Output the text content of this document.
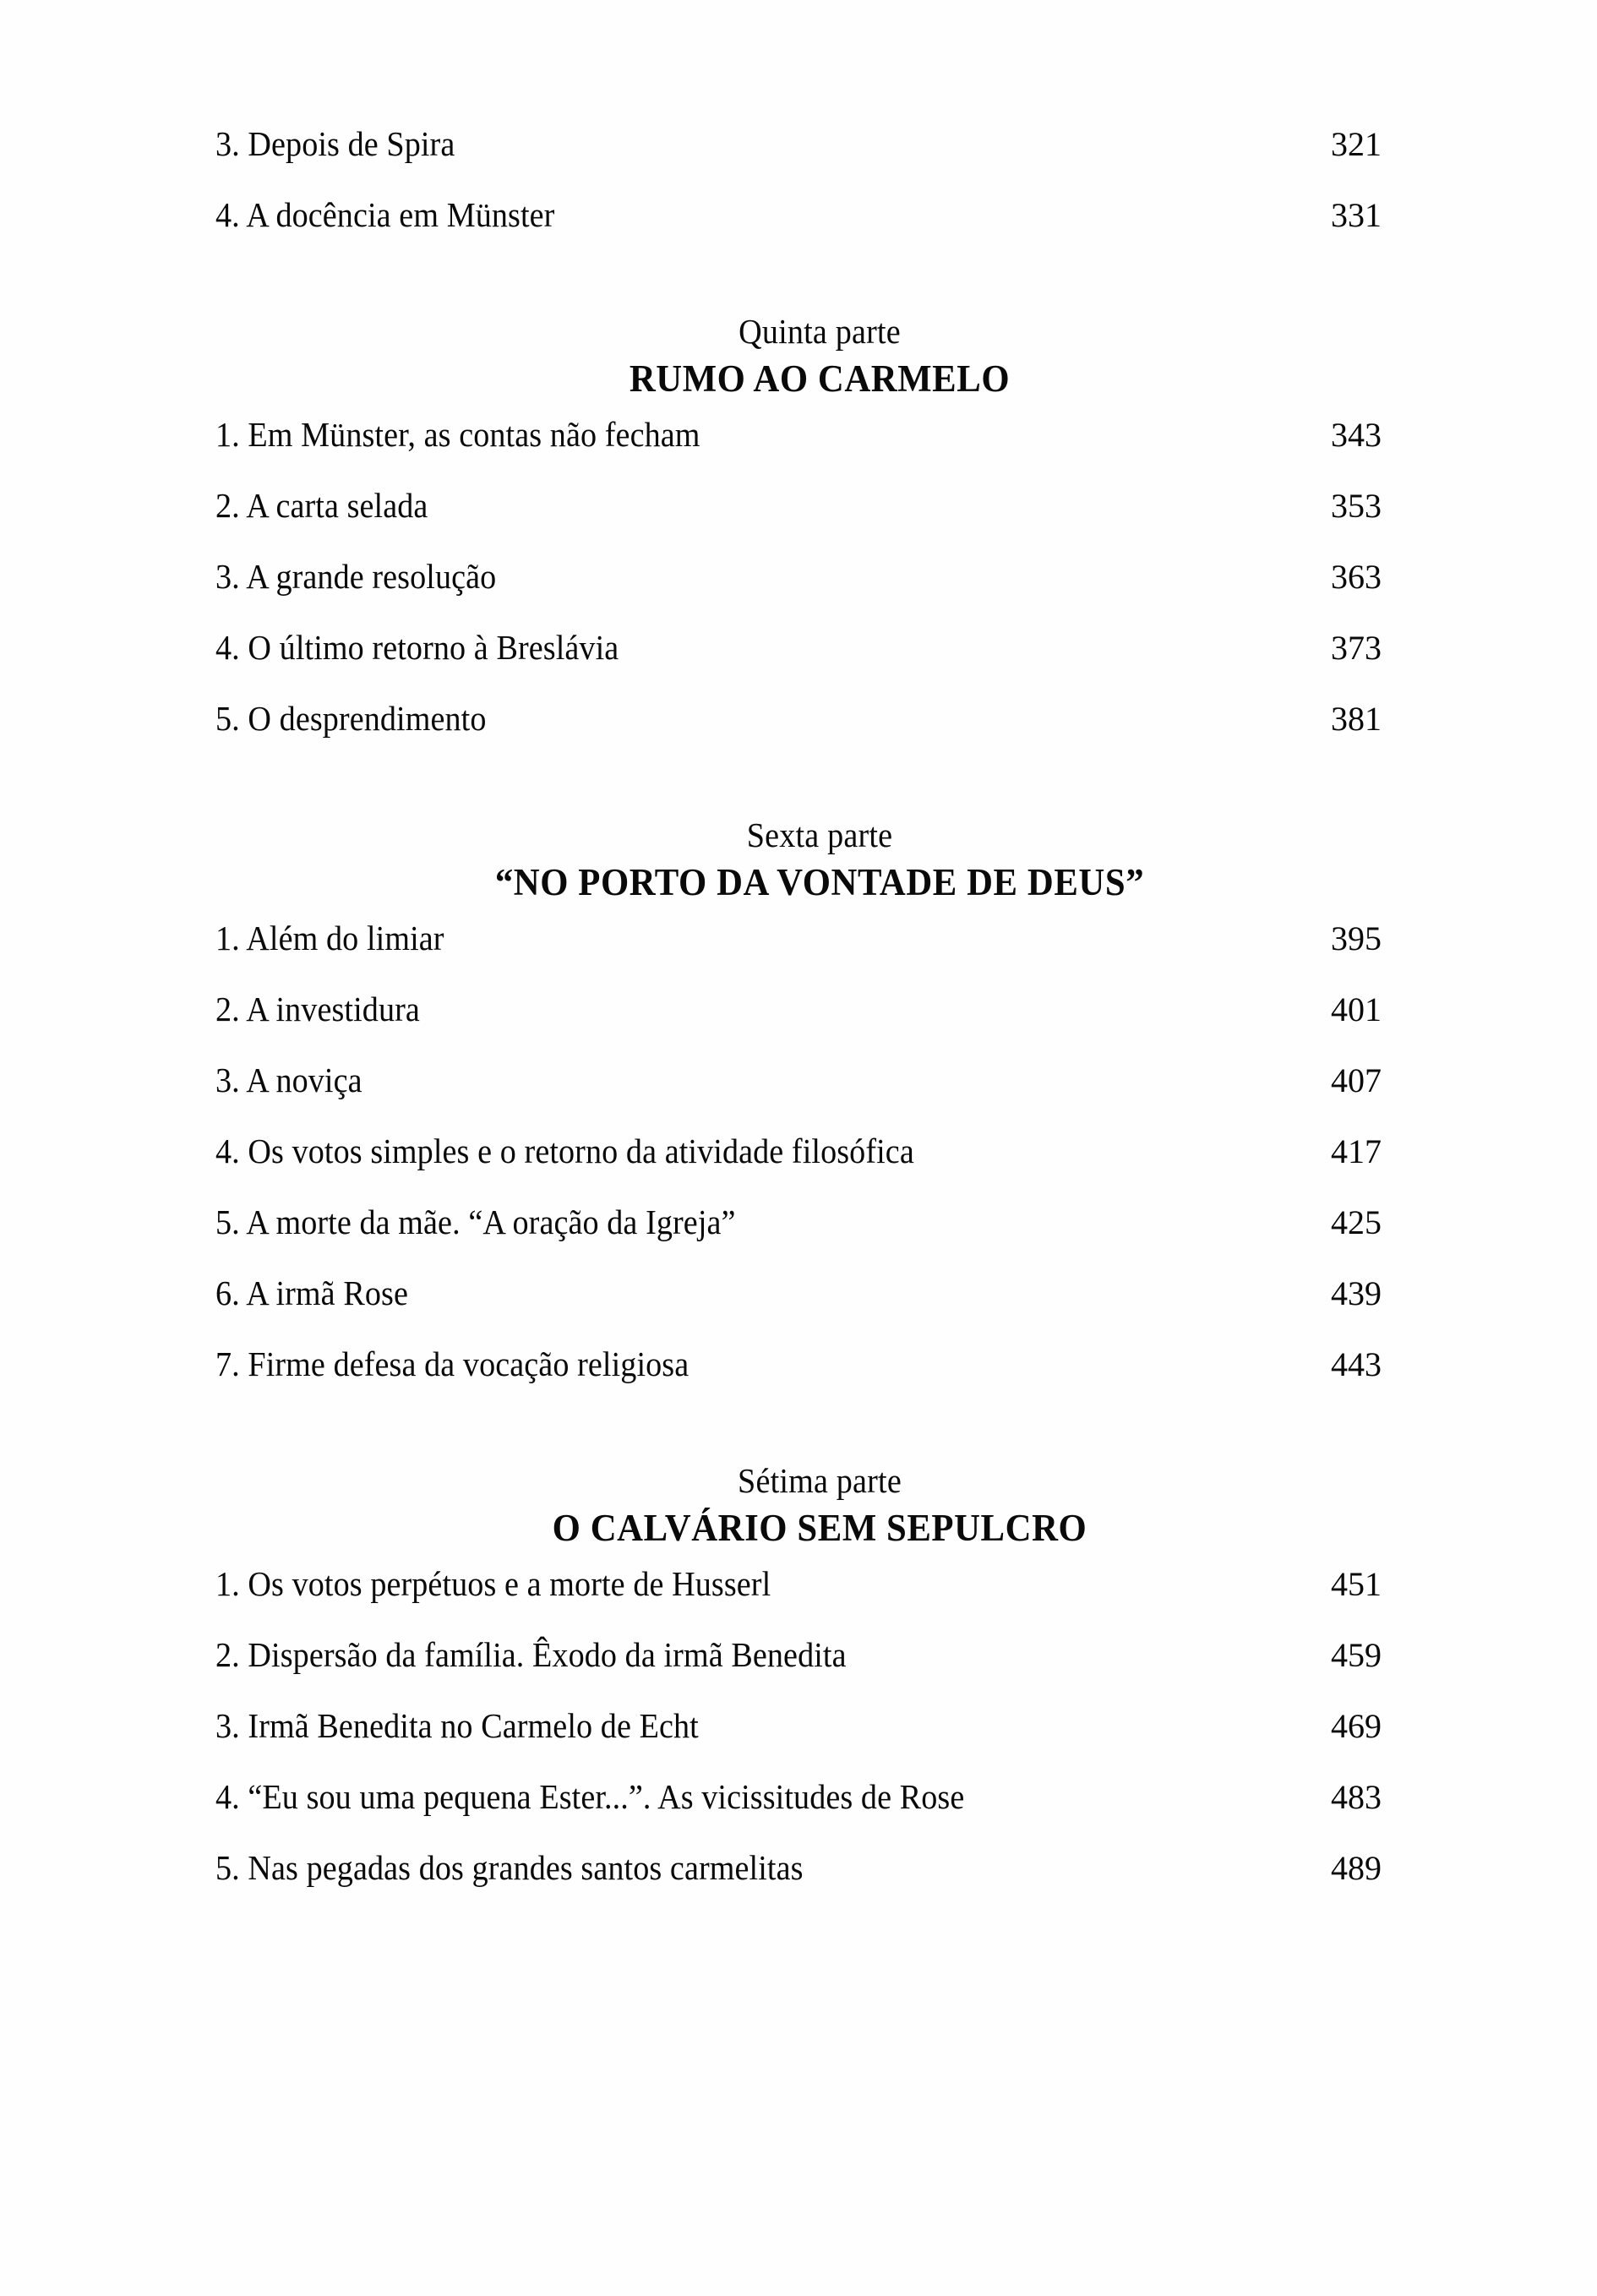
3. Depois de Spira	321
4. A docência em Münster	331
Quinta parte
RUMO AO CARMELO
1. Em Münster, as contas não fecham	343
2. A carta selada	353
3. A grande resolução	363
4. O último retorno à Breslávia	373
5. O desprendimento	381
Sexta parte
“NO PORTO DA VONTADE DE DEUS”
1. Além do limiar	395
2. A investidura	401
3. A noviça	407
4. Os votos simples e o retorno da atividade filosófica	417
5. A morte da mãe. “A oração da Igreja”	425
6. A irmã Rose	439
7. Firme defesa da vocação religiosa	443
Sétima parte
O CALVÁRIO SEM SEPULCRO
1. Os votos perpétuos e a morte de Husserl	451
2. Dispersão da família. Êxodo da irmã Benedita	459
3. Irmã Benedita no Carmelo de Echt	469
4. “Eu sou uma pequena Ester...”. As vicissitudes de Rose	483
5. Nas pegadas dos grandes santos carmelitas	489
